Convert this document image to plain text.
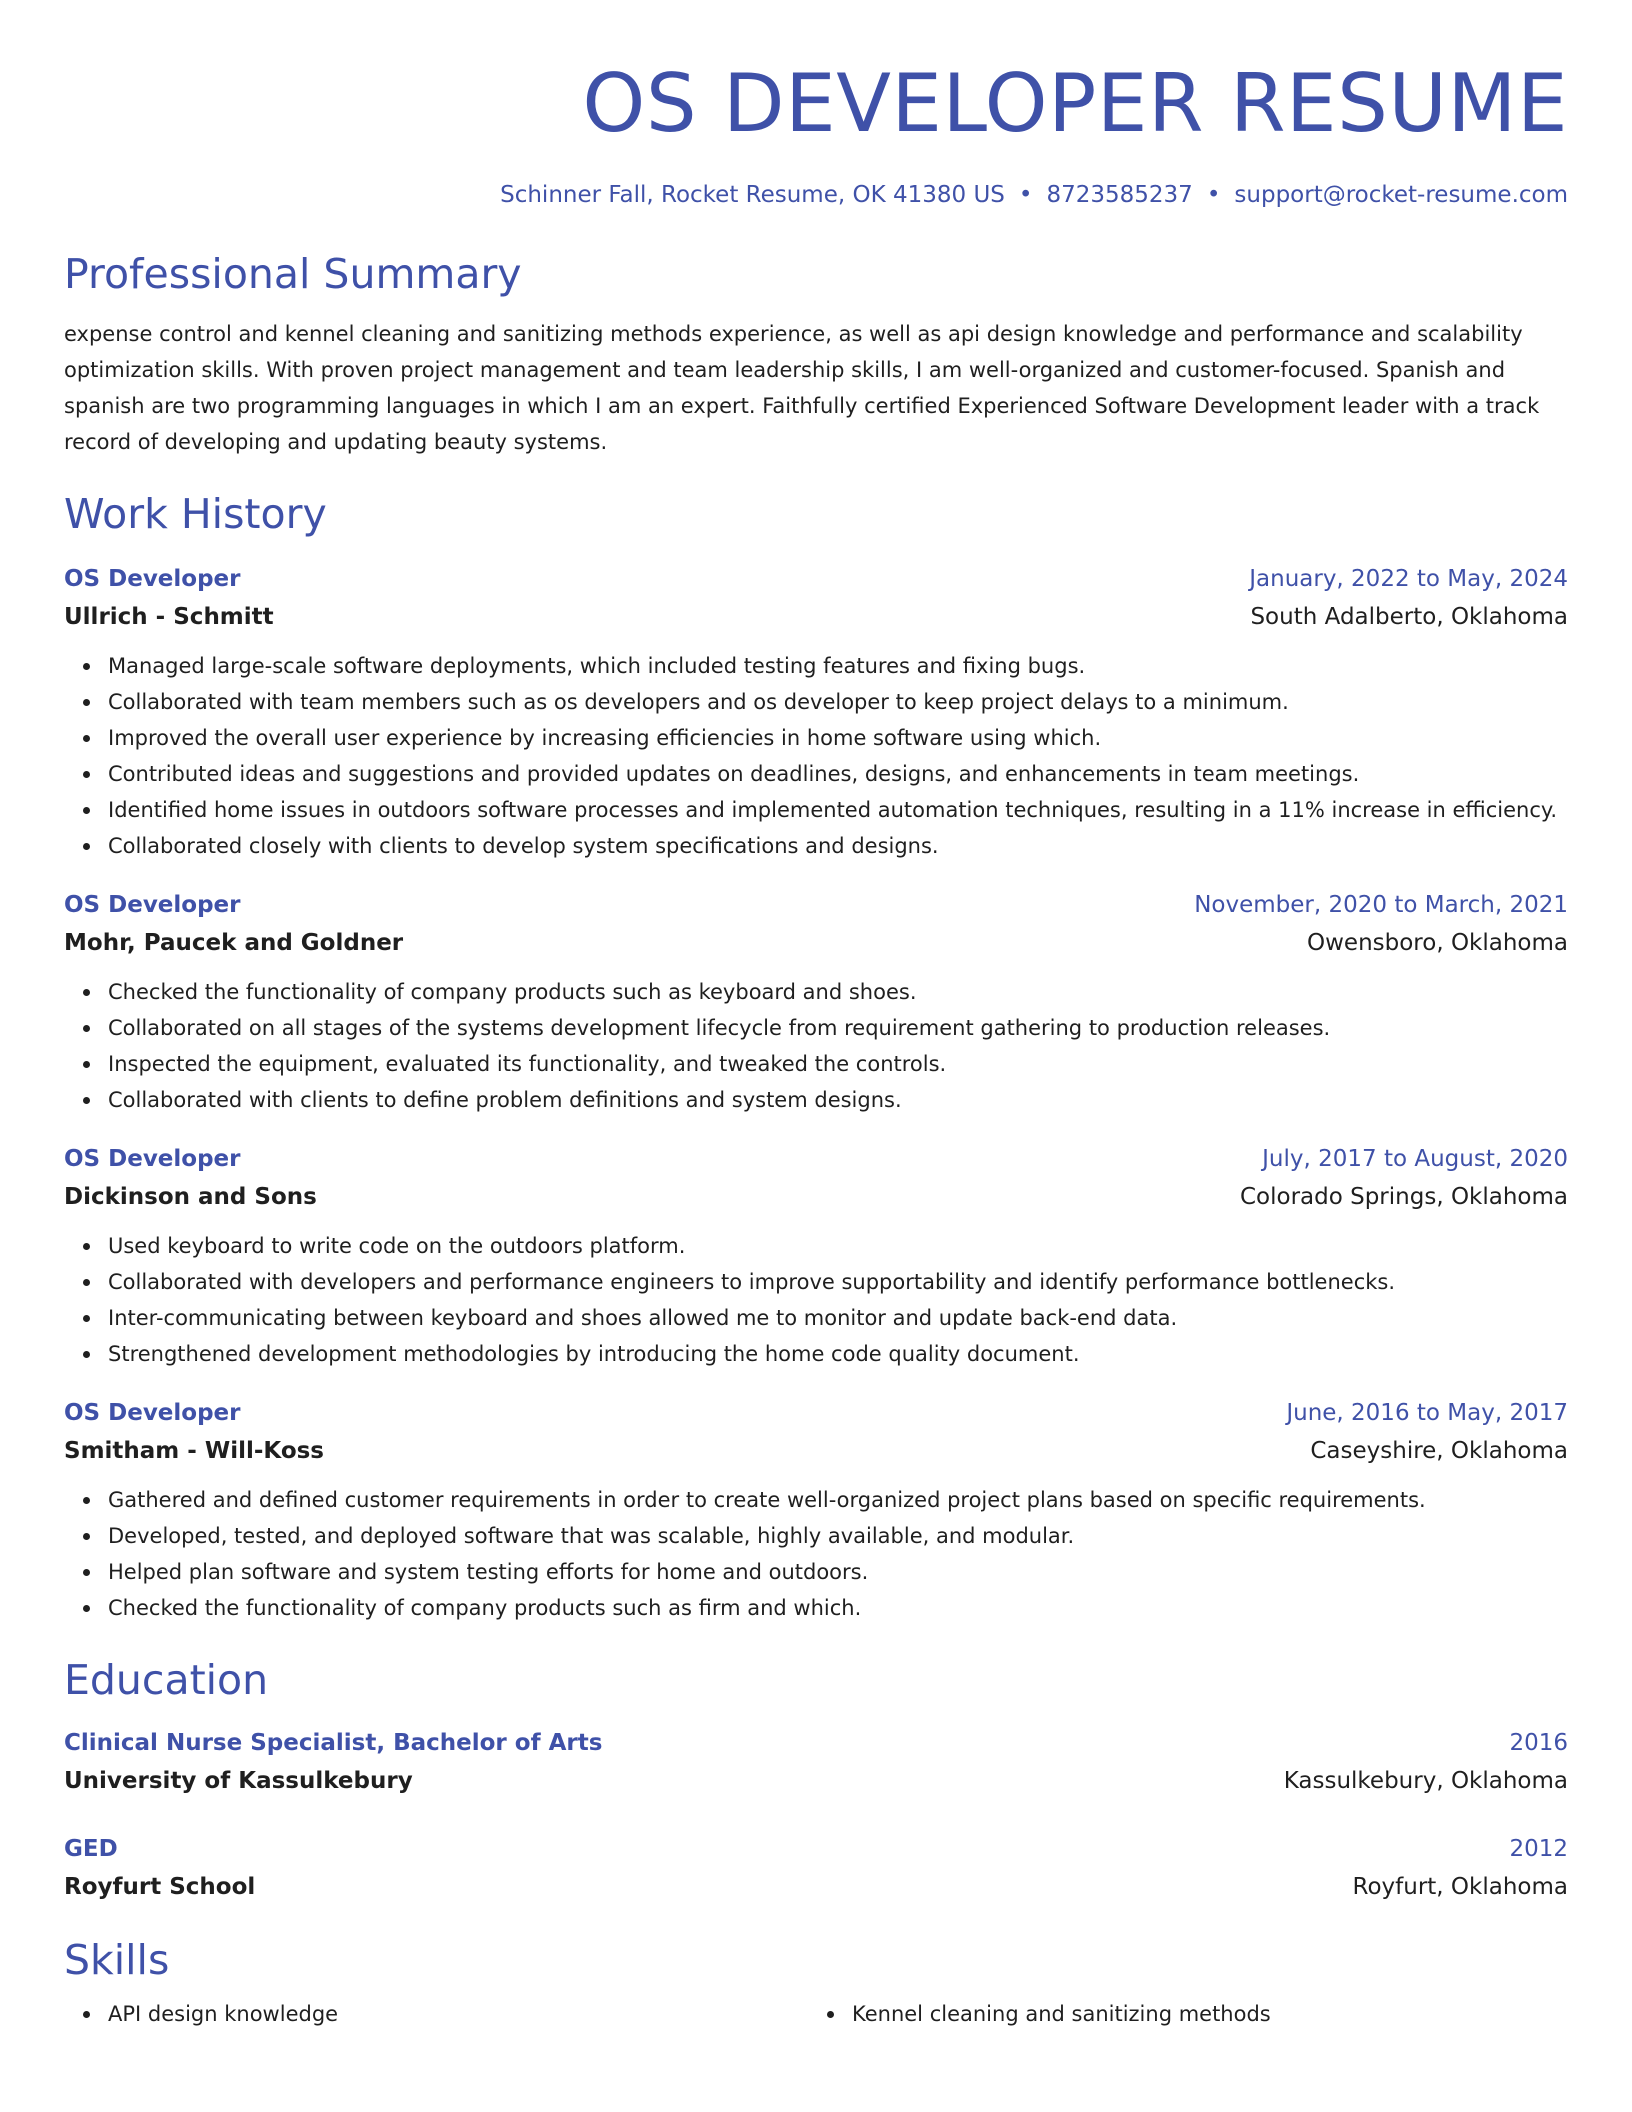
OS DEVELOPER RESUME
Schinner Fall, Rocket Resume, OK 41380 US • 8723585237 • support@rocket-resume.com
Professional Summary
expense control and kennel cleaning and sanitizing methods experience, as well as api design knowledge and performance and scalability optimization skills. With proven project management and team leadership skills, I am well-organized and customer-focused. Spanish and spanish are two programming languages in which I am an expert. Faithfully certified Experienced Software Development leader with a track record of developing and updating beauty systems.
Work History
OS Developer	January, 2022 to May, 2024
Ullrich - Schmitt	South Adalberto, Oklahoma
Managed large-scale software deployments, which included testing features and fixing bugs.
Collaborated with team members such as os developers and os developer to keep project delays to a minimum.
Improved the overall user experience by increasing efficiencies in home software using which.
Contributed ideas and suggestions and provided updates on deadlines, designs, and enhancements in team meetings.
Identified home issues in outdoors software processes and implemented automation techniques, resulting in a 11% increase in efficiency.
Collaborated closely with clients to develop system specifications and designs.
OS Developer	November, 2020 to March, 2021
Mohr, Paucek and Goldner	Owensboro, Oklahoma
Checked the functionality of company products such as keyboard and shoes.
Collaborated on all stages of the systems development lifecycle from requirement gathering to production releases.
Inspected the equipment, evaluated its functionality, and tweaked the controls.
Collaborated with clients to define problem definitions and system designs.
OS Developer	July, 2017 to August, 2020
Dickinson and Sons	Colorado Springs, Oklahoma
Used keyboard to write code on the outdoors platform.
Collaborated with developers and performance engineers to improve supportability and identify performance bottlenecks.
Inter-communicating between keyboard and shoes allowed me to monitor and update back-end data.
Strengthened development methodologies by introducing the home code quality document.
OS Developer	June, 2016 to May, 2017
Smitham - Will-Koss	Caseyshire, Oklahoma
Gathered and defined customer requirements in order to create well-organized project plans based on specific requirements.
Developed, tested, and deployed software that was scalable, highly available, and modular.
Helped plan software and system testing efforts for home and outdoors.
Checked the functionality of company products such as firm and which.
Education
Clinical Nurse Specialist, Bachelor of Arts	2016
University of Kassulkebury	Kassulkebury, Oklahoma
GED	2012
Royfurt School	Royfurt, Oklahoma
Skills
API design knowledge	Kennel cleaning and sanitizing methods
